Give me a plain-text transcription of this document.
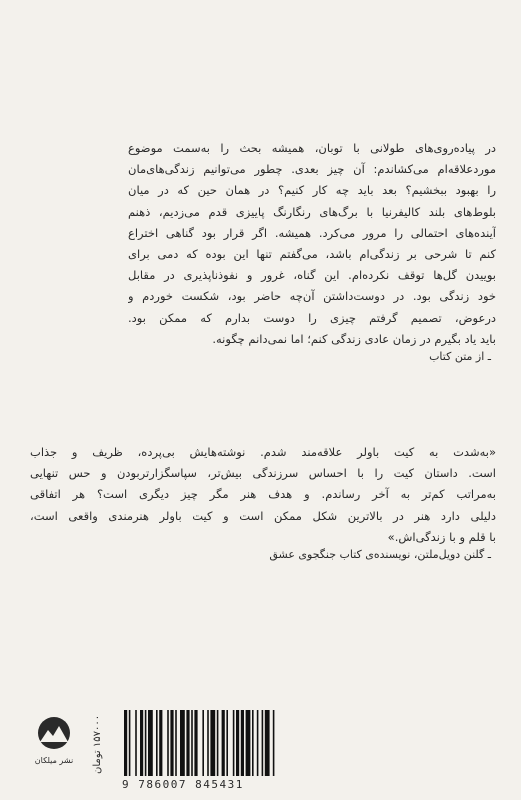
در پیاده‌روی‌های طولانی با توبان، همیشه بحث را به‌سمت موضوع
موردعلاقه‌ام می‌کشاندم: آن چیز بعدی. چطور می‌توانیم زندگی‌های‌مان
را بهبود ببخشیم؟ بعد باید چه کار کنیم؟ در همان حین که در میان
بلوط‌های بلند کالیفرنیا با برگ‌های رنگارنگ پاییزی قدم می‌زدیم، ذهنم
آینده‌های احتمالی را مرور می‌کرد. همیشه. اگر قرار بود گناهی اختراع
کنم تا شرحی بر زندگی‌ام باشد، می‌گفتم تنها این بوده که دمی برای
بوییدن گل‌ها توقف نکرده‌ام. این گناه، غرور و نفوذناپذیری در مقابل
خود زندگی بود. در دوست‌داشتن آن‌چه حاضر بود، شکست خوردم و
درعوض، تصمیم گرفتم چیزی را دوست بدارم که ممکن بود.
باید یاد بگیرم در زمان عادی زندگی کنم؛ اما نمی‌دانم چگونه.
ـ از متن کتاب
«به‌شدت به کیت باولر علاقه‌مند شدم. نوشته‌هایش بی‌پرده، ظریف و جذاب
است. داستان کیت را با احساس سرزندگی بیش‌تر، سپاسگزارتربودن و حس تنهایی
به‌مراتب کم‌تر به آخر رساندم. و هدف هنر مگر چیز دیگری است؟ هر اتفاقی
دلیلی دارد هنر در بالاترین شکل ممکن است و کیت باولر هنرمندی واقعی است،
با قلم و با زندگی‌اش.»
ـ گلنن دویل‌ملتن، نویسنده‌ی کتاب جنگجوی عشق
نشر میلکان ۱۵۷۰۰۰ تومان
9 786007 845431
